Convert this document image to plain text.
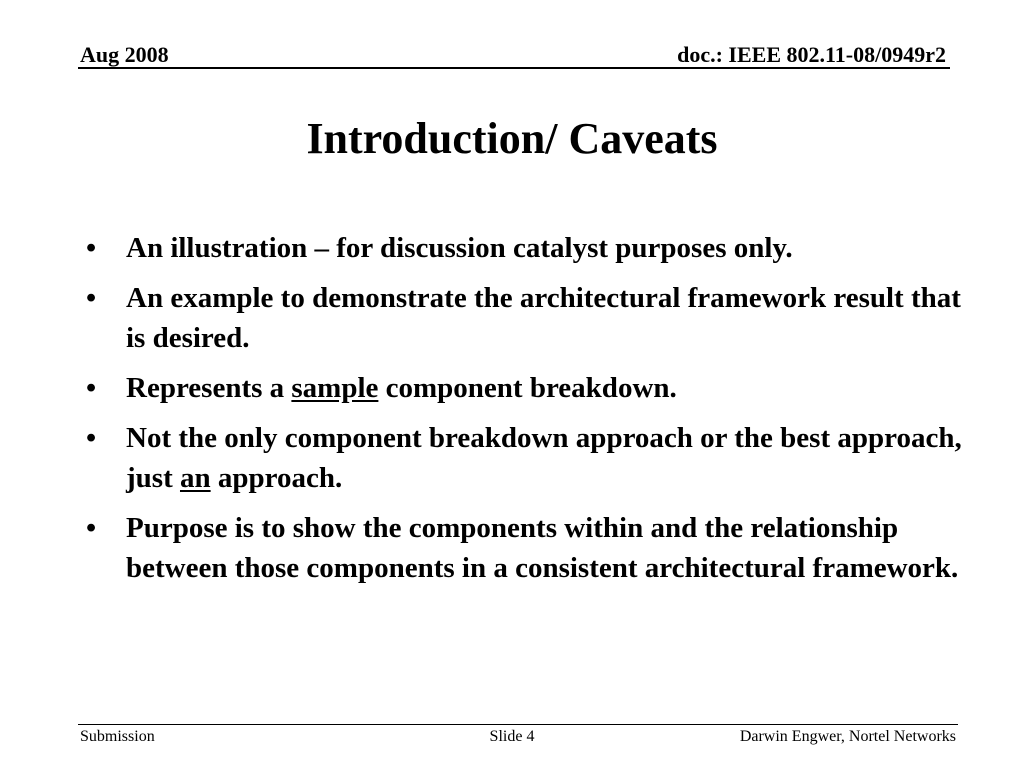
Aug 2008	doc.: IEEE 802.11-08/0949r2
Introduction/ Caveats
•	An illustration – for discussion catalyst purposes only.
•	An example to demonstrate the architectural framework result that is desired.
•	Represents a sample component breakdown.
•	Not the only component breakdown approach or the best approach, just an approach.
•	Purpose is to show the components within and the relationship between those components in a consistent architectural framework.
Submission	Slide 4	Darwin Engwer, Nortel Networks
